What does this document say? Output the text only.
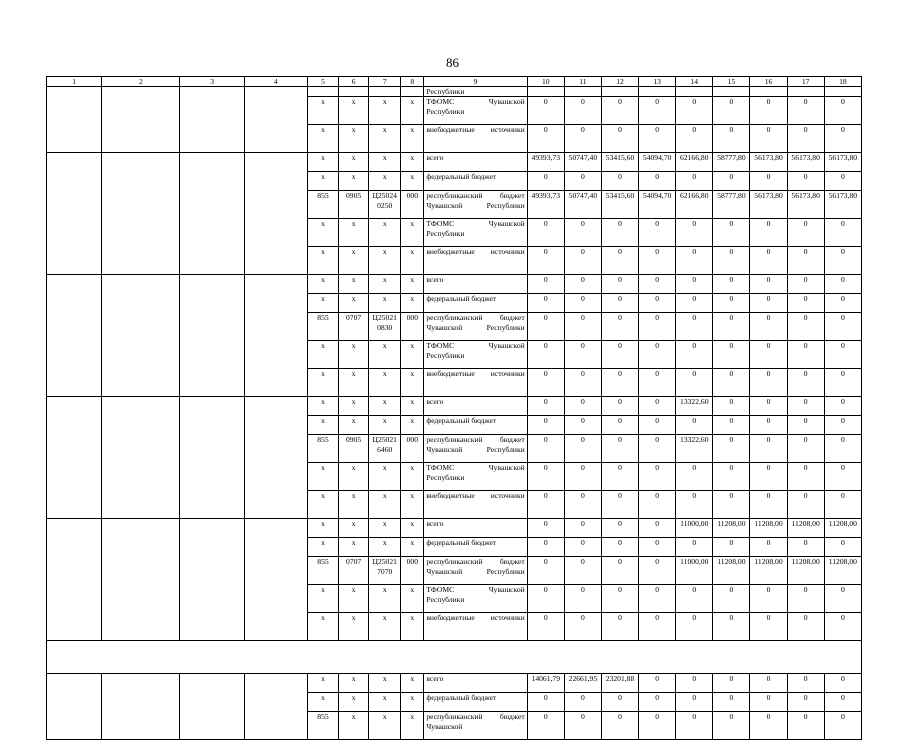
86
1	2	3	4	5	6	7	8	9	10	11	12	13	14	15	16	17	18
								Республики									
				x	x	x	x	ТФОМС Чувашской Республики	0	0	0	0	0	0	0	0	0
				x	x	x	x	внебюджетные источники	0	0	0	0	0	0	0	0	0
				x	x	x	x	всего	49393,73	50747,40	53415,60	54094,70	62166,80	58777,80	56173,80	56173,80	56173,80
				x	x	x	x	федеральный бюджет	0	0	0	0	0	0	0	0	0
				855	0905	Ц25024 0250	000	республиканский бюджет Чувашской Республики	49393,73	50747,40	53415,60	54094,70	62166,80	58777,80	56173,80	56173,80	56173,80
				x	x	x	x	ТФОМС Чувашской Республики	0	0	0	0	0	0	0	0	0
				x	x	x	x	внебюджетные источники	0	0	0	0	0	0	0	0	0
				x	x	x	x	всего	0	0	0	0	0	0	0	0	0
				x	x	x	x	федеральный бюджет	0	0	0	0	0	0	0	0	0
				855	0707	Ц25021 0830	000	республиканский бюджет Чувашской Республики	0	0	0	0	0	0	0	0	0
				x	x	x	x	ТФОМС Чувашской Республики	0	0	0	0	0	0	0	0	0
				x	x	x	x	внебюджетные источники	0	0	0	0	0	0	0	0	0
				x	x	x	x	всего	0	0	0	0	13322,60	0	0	0	0
				x	x	x	x	федеральный бюджет	0	0	0	0	0	0	0	0	0
				855	0905	Ц25021 6460	000	республиканский бюджет Чувашской Республики	0	0	0	0	13322,60	0	0	0	0
				x	x	x	x	ТФОМС Чувашской Республики	0	0	0	0	0	0	0	0	0
				x	x	x	x	внебюджетные источники	0	0	0	0	0	0	0	0	0
				x	x	x	x	всего	0	0	0	0	11000,00	11208,00	11208,00	11208,00	11208,00
				x	x	x	x	федеральный бюджет	0	0	0	0	0	0	0	0	0
				855	0707	Ц25021 7070	000	республиканский бюджет Чувашской Республики	0	0	0	0	11000,00	11208,00	11208,00	11208,00	11208,00
				x	x	x	x	ТФОМС Чувашской Республики	0	0	0	0	0	0	0	0	0
				x	x	x	x	внебюджетные источники	0	0	0	0	0	0	0	0	0

				x	x	x	x	всего	14061,79	22661,95	23201,88	0	0	0	0	0	0
				x	x	x	x	федеральный бюджет	0	0	0	0	0	0	0	0	0
				855	x	x	x	республиканский бюджет Чувашской	0	0	0	0	0	0	0	0	0
